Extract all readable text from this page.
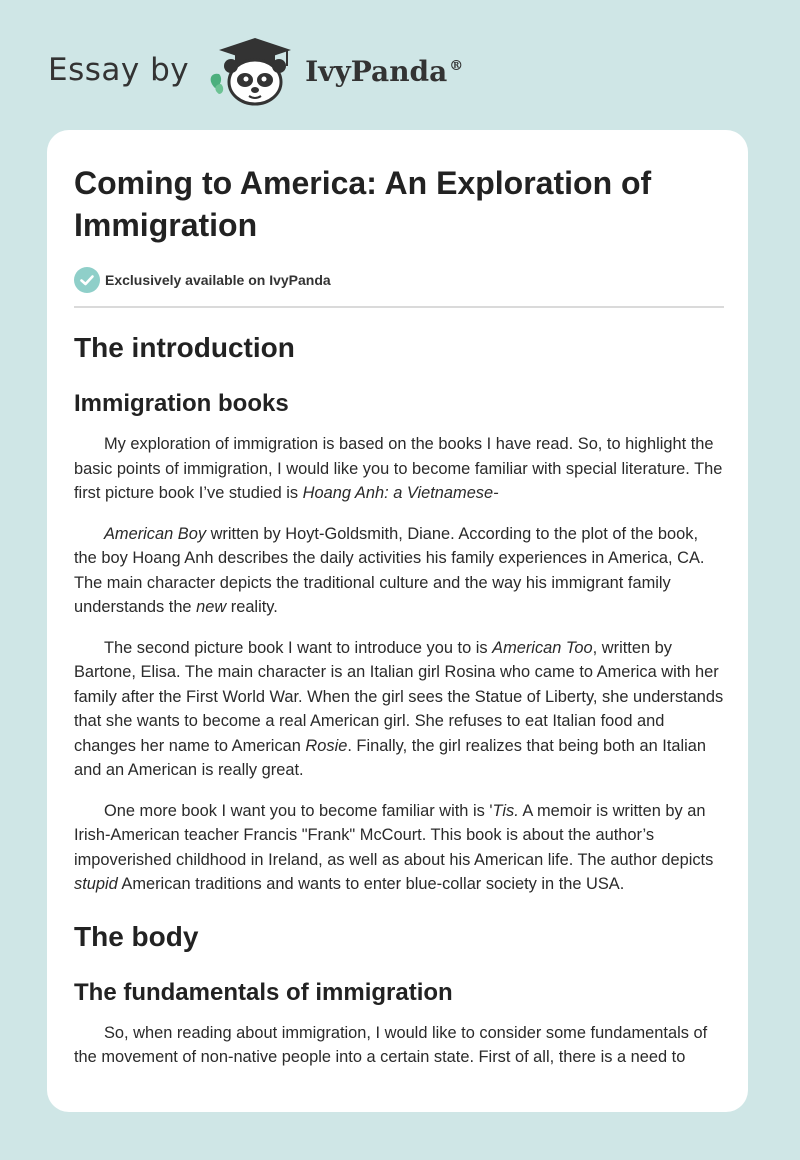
Essay by	IvyPanda ®
Coming to America: An Exploration of Immigration
Exclusively available on IvyPanda
The introduction
Immigration books

My exploration of immigration is based on the books I have read. So, to highlight the basic points of immigration, I would like you to become familiar with special literature. The first picture book I’ve studied is Hoang Anh: a Vietnamese-

American Boy written by Hoyt-Goldsmith, Diane. According to the plot of the book, the boy Hoang Anh describes the daily activities his family experiences in America, CA. The main character depicts the traditional culture and the way his immigrant family understands the new reality.

The second picture book I want to introduce you to is American Too, written by Bartone, Elisa. The main character is an Italian girl Rosina who came to America with her family after the First World War. When the girl sees the Statue of Liberty, she understands that she wants to become a real American girl. She refuses to eat Italian food and changes her name to American Rosie. Finally, the girl realizes that being both an Italian and an American is really great.

One more book I want you to become familiar with is 'Tis. A memoir is written by an Irish-American teacher Francis "Frank" McCourt. This book is about the author’s impoverished childhood in Ireland, as well as about his American life. The author depicts stupid American traditions and wants to enter blue-collar society in the USA.

The body
The fundamentals of immigration

So, when reading about immigration, I would like to consider some fundamentals of the movement of non-native people into a certain state. First of all, there is a need to
